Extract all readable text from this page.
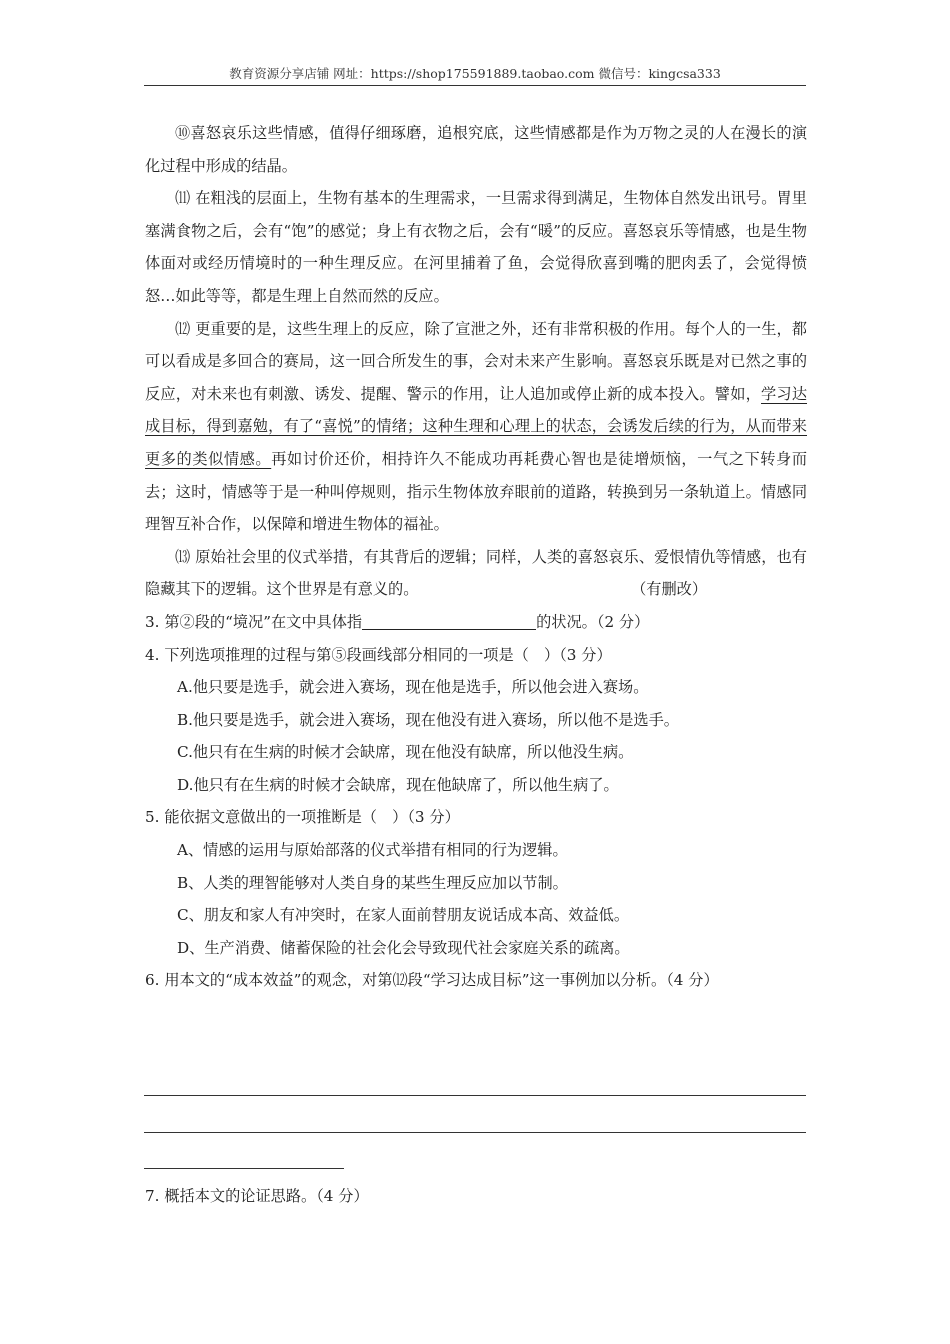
教育资源分享店铺 网址：https://shop175591889.taobao.com 微信号：kingcsa333

⑩喜怒哀乐这些情感，值得仔细琢磨，追根究底，这些情感都是作为万物之灵的人在漫长的演化过程中形成的结晶。

⑾ 在粗浅的层面上，生物有基本的生理需求，一旦需求得到满足，生物体自然发出讯号。胃里塞满食物之后，会有“饱”的感觉；身上有衣物之后，会有“暖”的反应。喜怒哀乐等情感，也是生物体面对或经历情境时的一种生理反应。在河里捕着了鱼，会觉得欣喜到嘴的肥肉丢了，会觉得愤怒…如此等等，都是生理上自然而然的反应。

⑿ 更重要的是，这些生理上的反应，除了宣泄之外，还有非常积极的作用。每个人的一生，都可以看成是多回合的赛局，这一回合所发生的事，会对未来产生影响。喜怒哀乐既是对已然之事的反应，对未来也有刺激、诱发、提醒、警示的作用，让人追加或停止新的成本投入。譬如，学习达成目标，得到嘉勉，有了“喜悦”的情绪；这种生理和心理上的状态，会诱发后续的行为，从而带来更多的类似情感。再如讨价还价，相持许久不能成功再耗费心智也是徒增烦恼，一气之下转身而去；这时，情感等于是一种叫停规则，指示生物体放弃眼前的道路，转换到另一条轨道上。情感同理智互补合作，以保障和增进生物体的福祉。

⒀ 原始社会里的仪式举措，有其背后的逻辑；同样，人类的喜怒哀乐、爱恨情仇等情感，也有隐藏其下的逻辑。这个世界是有意义的。	（有删改）

3. 第②段的“境况”在文中具体指	的状况。（2 分）

4. 下列选项推理的过程与第⑤段画线部分相同的一项是（　）（3 分）

A.他只要是选手，就会进入赛场，现在他是选手，所以他会进入赛场。

B.他只要是选手，就会进入赛场，现在他没有进入赛场，所以他不是选手。

C.他只有在生病的时候才会缺席，现在他没有缺席，所以他没生病。

D.他只有在生病的时候才会缺席，现在他缺席了，所以他生病了。

5. 能依据文意做出的一项推断是（　）（3 分）

A、情感的运用与原始部落的仪式举措有相同的行为逻辑。

B、人类的理智能够对人类自身的某些生理反应加以节制。

C、朋友和家人有冲突时，在家人面前替朋友说话成本高、效益低。

D、生产消费、储蓄保险的社会化会导致现代社会家庭关系的疏离。

6. 用本文的“成本效益”的观念，对第⑿段“学习达成目标”这一事例加以分析。（4 分）

7. 概括本文的论证思路。（4 分）
